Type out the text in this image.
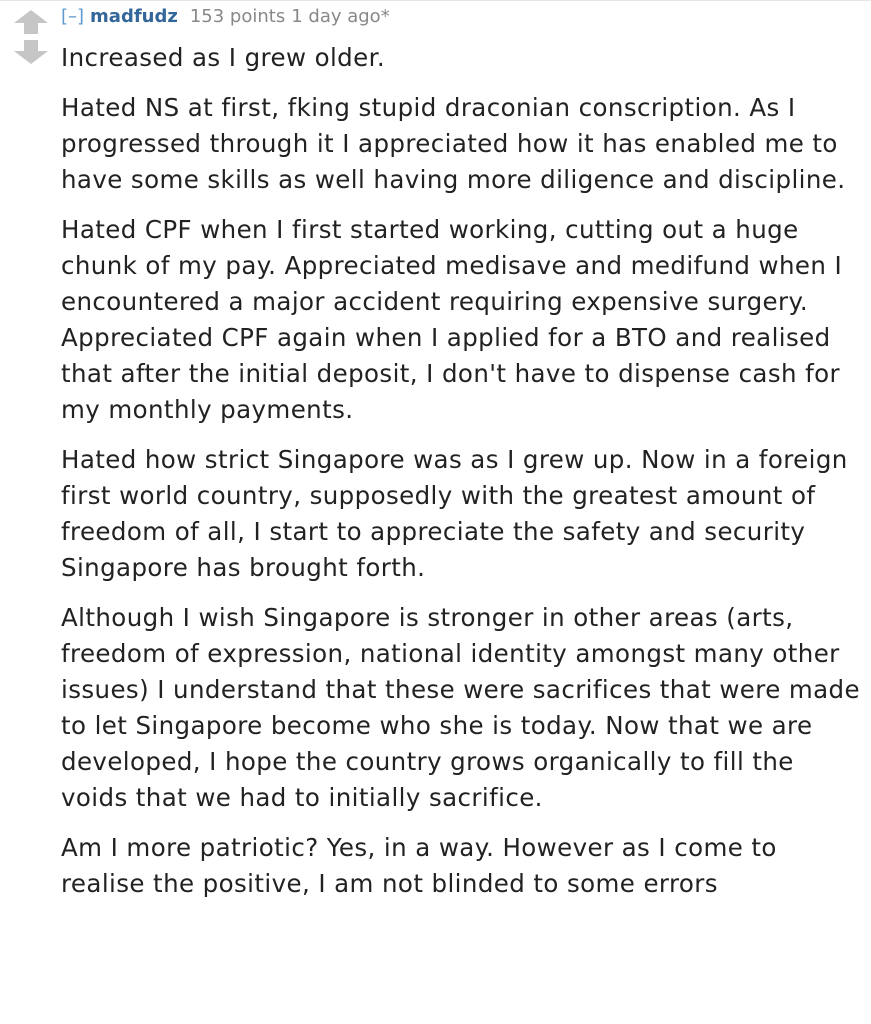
[–] madfudz 153 points 1 day ago*

Increased as I grew older.

Hated NS at first, fking stupid draconian conscription. As I progressed through it I appreciated how it has enabled me to have some skills as well having more diligence and discipline.

Hated CPF when I first started working, cutting out a huge chunk of my pay. Appreciated medisave and medifund when I encountered a major accident requiring expensive surgery. Appreciated CPF again when I applied for a BTO and realised that after the initial deposit, I don't have to dispense cash for my monthly payments.

Hated how strict Singapore was as I grew up. Now in a foreign first world country, supposedly with the greatest amount of freedom of all, I start to appreciate the safety and security Singapore has brought forth.

Although I wish Singapore is stronger in other areas (arts, freedom of expression, national identity amongst many other issues) I understand that these were sacrifices that were made to let Singapore become who she is today. Now that we are developed, I hope the country grows organically to fill the voids that we had to initially sacrifice.

Am I more patriotic? Yes, in a way. However as I come to realise the positive, I am not blinded to some errors
